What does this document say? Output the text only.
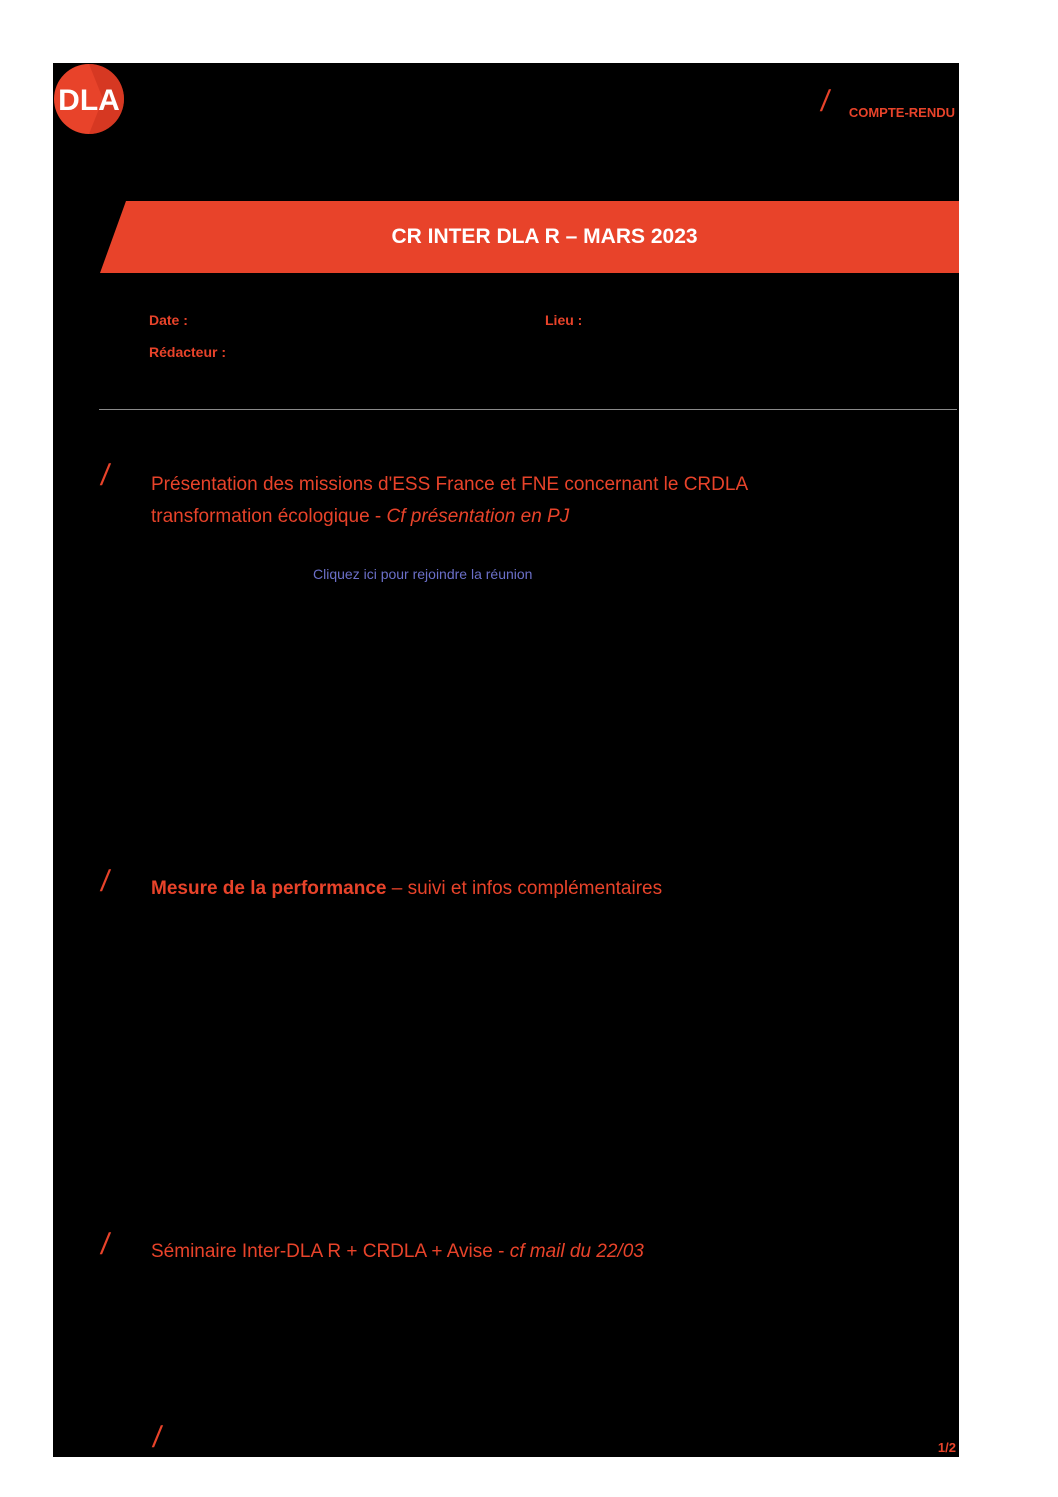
DLA	/ COMPTE-RENDU
CR INTER DLA R – MARS 2023
Date :	Lieu :
Rédacteur :
/ Présentation des missions d'ESS France et FNE concernant le CRDLA
transformation écologique - Cf présentation en PJ
Cliquez ici pour rejoindre la réunion
/ Mesure de la performance – suivi et infos complémentaires
/ Séminaire Inter-DLA R + CRDLA + Avise - cf mail du 22/03
/	1/2
